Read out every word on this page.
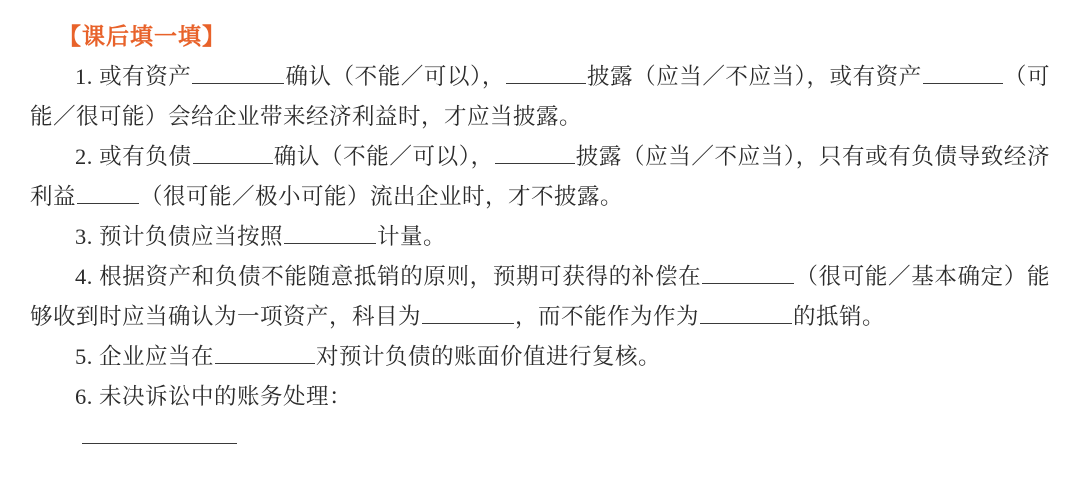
【课后填一填】

1. 或有资产	确认（不能／可以），	披露（应当／不应当），或有资产	（可能／很可能）会给企业带来经济利益时，才应当披露。

2. 或有负债	确认（不能／可以），	披露（应当／不应当），只有或有负债导致经济利益	（很可能／极小可能）流出企业时，才不披露。

3. 预计负债应当按照	计量。

4. 根据资产和负债不能随意抵销的原则，预期可获得的补偿在	（很可能／基本确定）能够收到时应当确认为一项资产，科目为	，而不能作为作为	的抵销。

5. 企业应当在	对预计负债的账面价值进行复核。

6. 未决诉讼中的账务处理：
